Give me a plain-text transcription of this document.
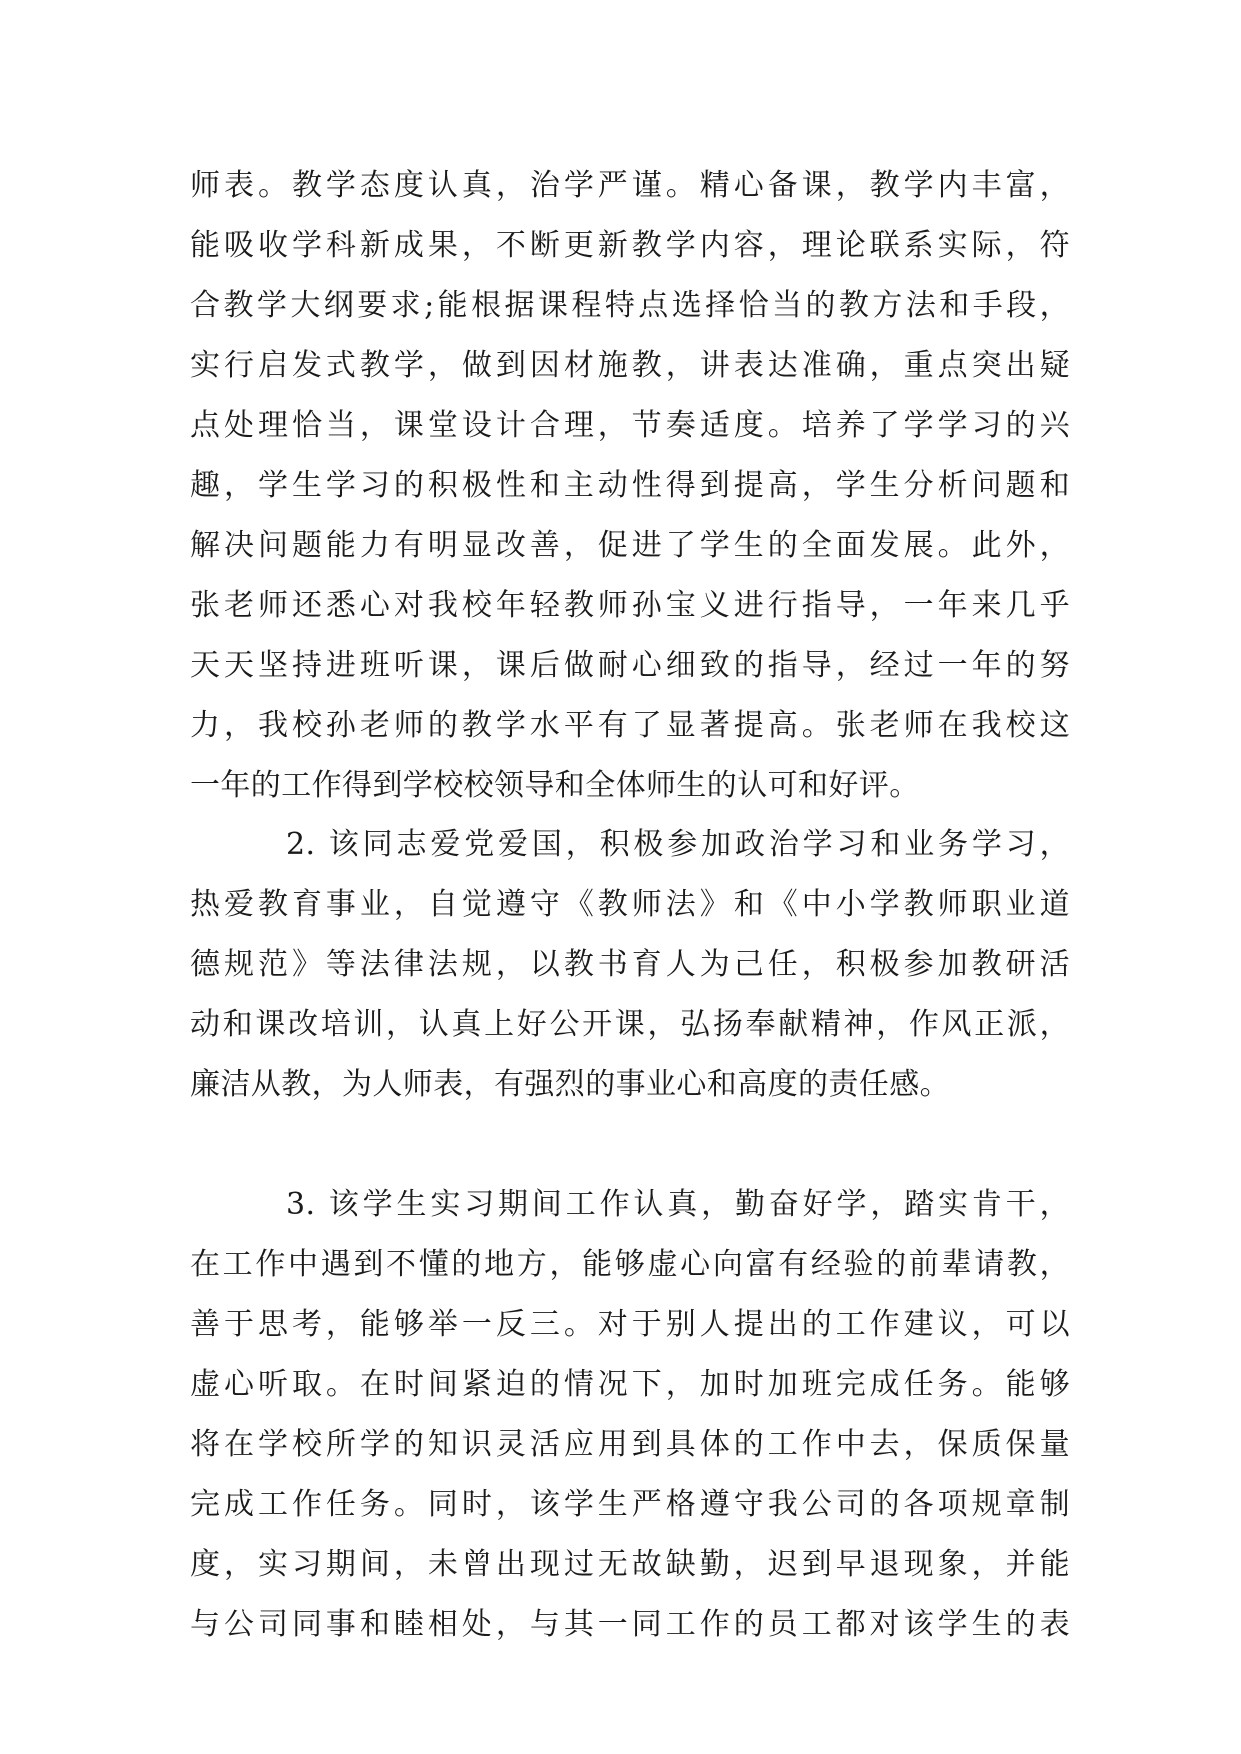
师表。教学态度认真，治学严谨。精心备课，教学内丰富，
能吸收学科新成果，不断更新教学内容，理论联系实际，符
合教学大纲要求;能根据课程特点选择恰当的教方法和手段，
实行启发式教学，做到因材施教，讲表达准确，重点突出疑
点处理恰当，课堂设计合理，节奏适度。培养了学学习的兴
趣，学生学习的积极性和主动性得到提高，学生分析问题和
解决问题能力有明显改善，促进了学生的全面发展。此外，
张老师还悉心对我校年轻教师孙宝义进行指导，一年来几乎
天天坚持进班听课，课后做耐心细致的指导，经过一年的努
力，我校孙老师的教学水平有了显著提高。张老师在我校这
一年的工作得到学校校领导和全体师生的认可和好评。
2. 该同志爱党爱国，积极参加政治学习和业务学习，
热爱教育事业，自觉遵守《教师法》和《中小学教师职业道
德规范》等法律法规，以教书育人为己任，积极参加教研活
动和课改培训，认真上好公开课，弘扬奉献精神，作风正派，
廉洁从教，为人师表，有强烈的事业心和高度的责任感。
3. 该学生实习期间工作认真，勤奋好学，踏实肯干，
在工作中遇到不懂的地方，能够虚心向富有经验的前辈请教，
善于思考，能够举一反三。对于别人提出的工作建议，可以
虚心听取。在时间紧迫的情况下，加时加班完成任务。能够
将在学校所学的知识灵活应用到具体的工作中去，保质保量
完成工作任务。同时，该学生严格遵守我公司的各项规章制
度，实习期间，未曾出现过无故缺勤，迟到早退现象，并能
与公司同事和睦相处，与其一同工作的员工都对该学生的表
